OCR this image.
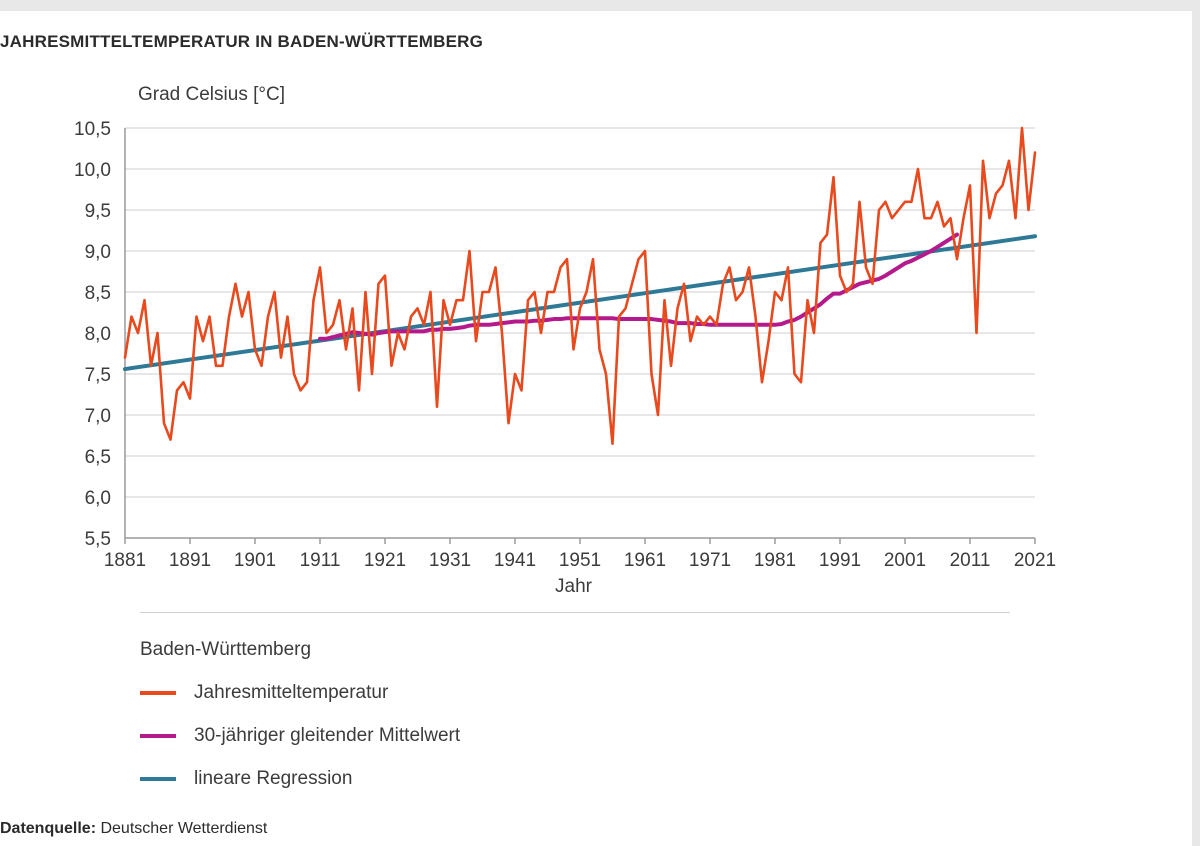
JAHRESMITTELTEMPERATUR IN BADEN-WÜRTTEMBERG
Grad Celsius [°C]
5,5
6,0
6,5
7,0
7,5
8,0
8,5
9,0
9,5
10,0
10,5
1881 1891 1901 1911 1921 1931 1941 1951 1961 1971 1981 1991 2001 2011 2021
Jahr
Baden-Württemberg
Jahresmitteltemperatur
30-jähriger gleitender Mittelwert
lineare Regression
Datenquelle: Deutscher Wetterdienst
